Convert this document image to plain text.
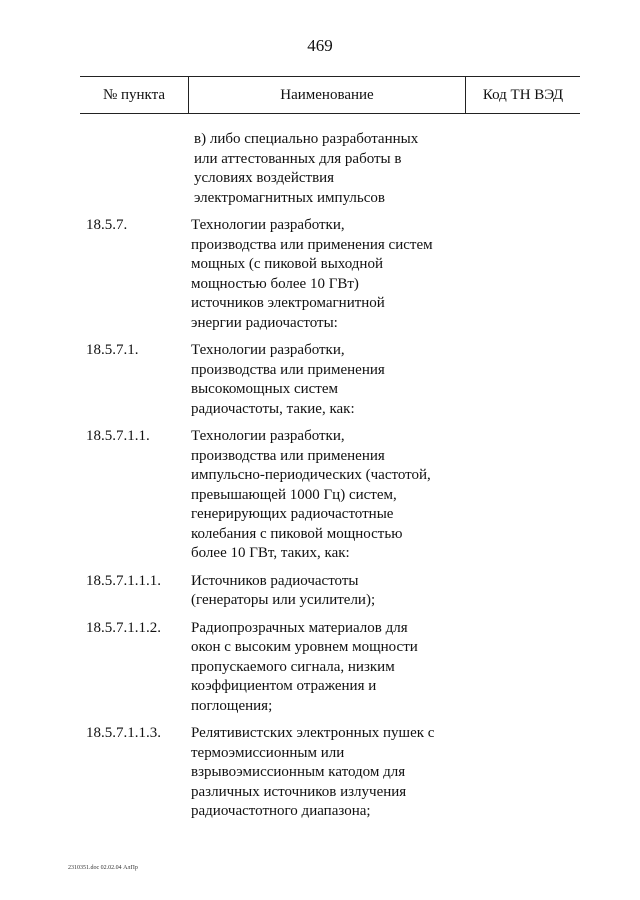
469
№ пункта	Наименование	Код ТН ВЭД
в) либо специально разработанных
или аттестованных для работы в
условиях воздействия
электромагнитных импульсов
18.5.7.	Технологии разработки,
производства или применения систем
мощных (с пиковой выходной
мощностью более 10 ГВт)
источников электромагнитной
энергии радиочастоты:
18.5.7.1.	Технологии разработки,
производства или применения
высокомощных систем
радиочастоты, такие, как:
18.5.7.1.1.	Технологии разработки,
производства или применения
импульсно-периодических (частотой,
превышающей 1000 Гц) систем,
генерирующих радиочастотные
колебания с пиковой мощностью
более 10 ГВт, таких, как:
18.5.7.1.1.1.	Источников радиочастоты
(генераторы или усилители);
18.5.7.1.1.2.	Радиопрозрачных материалов для
окон с высоким уровнем мощности
пропускаемого сигнала, низким
коэффициентом отражения и
поглощения;
18.5.7.1.1.3.	Релятивистских электронных пушек с
термоэмиссионным или
взрывоэмиссионным катодом для
различных источников излучения
радиочастотного диапазона;
2310351.doc 02.02.04 АлПр
